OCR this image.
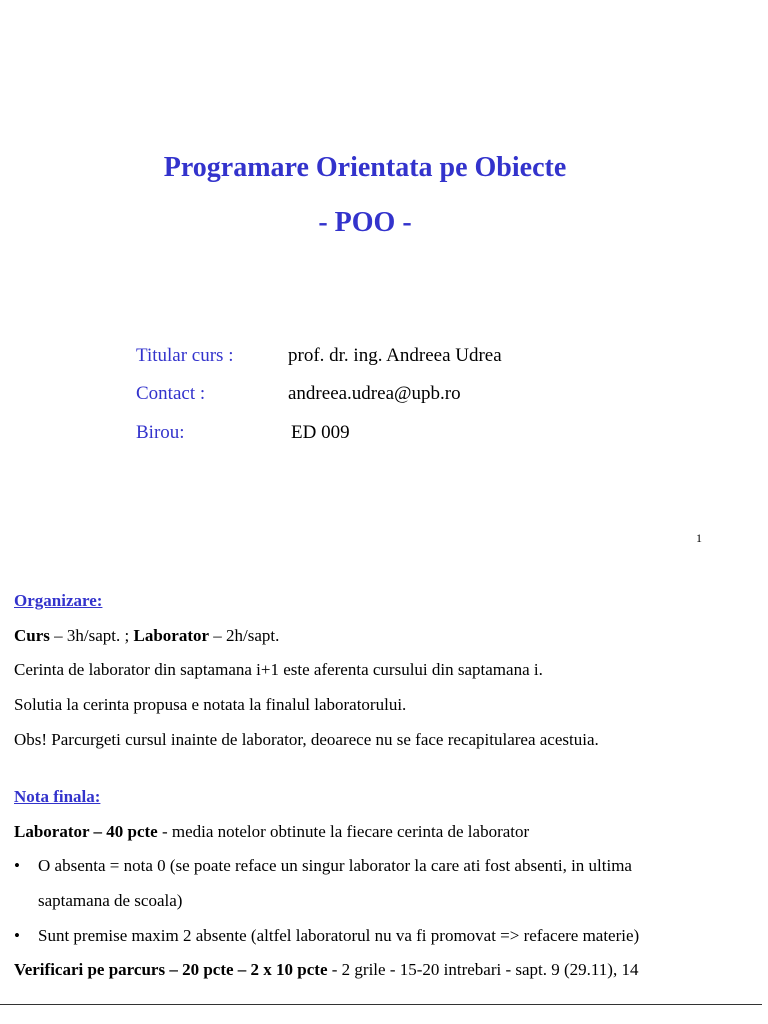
Programare Orientata pe Obiecte
- POO -
Titular curs :	prof. dr. ing. Andreea Udrea
Contact :	andreea.udrea@upb.ro
Birou:	ED 009
1
Organizare:
Curs – 3h/sapt. ; Laborator – 2h/sapt.
Cerinta de laborator din saptamana i+1 este aferenta cursului din saptamana i.
Solutia la cerinta propusa e notata la finalul laboratorului.
Obs! Parcurgeti cursul inainte de laborator, deoarece nu se face recapitularea acestuia.
Nota finala:
Laborator – 40 pcte - media notelor obtinute la fiecare cerinta de laborator
• O absenta = nota 0 (se poate reface un singur laborator la care ati fost absenti, in ultima
saptamana de scoala)
• Sunt premise maxim 2 absente (altfel laboratorul nu va fi promovat => refacere materie)
Verificari pe parcurs – 20 pcte – 2 x 10 pcte - 2 grile - 15-20 intrebari - sapt. 9 (29.11), 14
